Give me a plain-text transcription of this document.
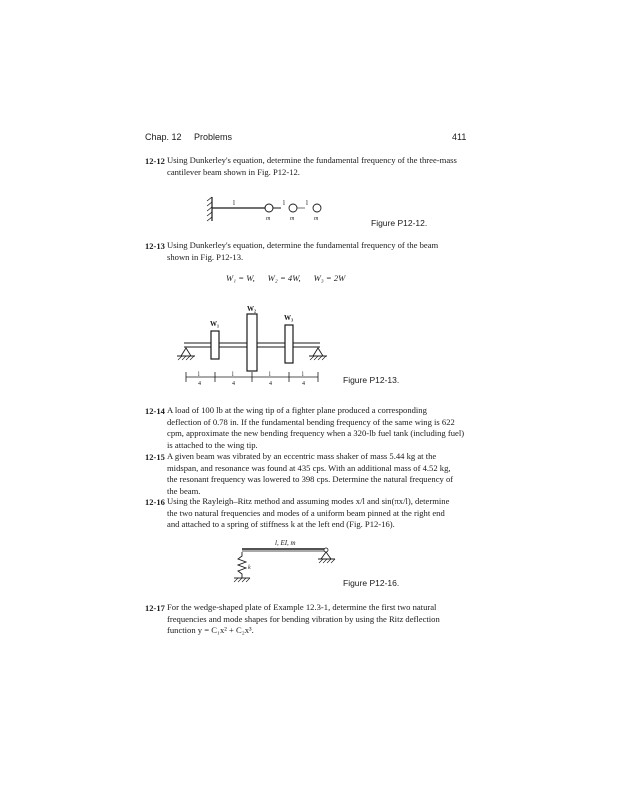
Chap. 12 Problems	411
12-12 Using Dunkerley's equation, determine the fundamental frequency of the three-mass
cantilever beam shown in Fig. P12-12.
l	l	l
m	m	m	Figure P12-12.
12-13 Using Dunkerley's equation, determine the fundamental frequency of the beam
shown in Fig. P12-13.
W₁ = W,      W₂ = 4W,      W₃ = 2W
W₁
W₂
W₃
l
4
l
4
l
4
l
4	Figure P12-13.
12-14 A load of 100 lb at the wing tip of a fighter plane produced a corresponding
deflection of 0.78 in. If the fundamental bending frequency of the same wing is 622
cpm, approximate the new bending frequency when a 320-lb fuel tank (including fuel)
is attached to the wing tip.
12-15 A given beam was vibrated by an eccentric mass shaker of mass 5.44 kg at the
midspan, and resonance was found at 435 cps. With an additional mass of 4.52 kg,
the resonant frequency was lowered to 398 cps. Determine the natural frequency of
the beam.
12-16 Using the Rayleigh–Ritz method and assuming modes x/l and sin(πx/l), determine
the two natural frequencies and modes of a uniform beam pinned at the right end
and attached to a spring of stiffness k at the left end (Fig. P12-16).
l, EI, m
k
Figure P12-16.
12-17 For the wedge-shaped plate of Example 12.3-1, determine the first two natural
frequencies and mode shapes for bending vibration by using the Ritz deflection
function y = C₁x² + C₂x³.
